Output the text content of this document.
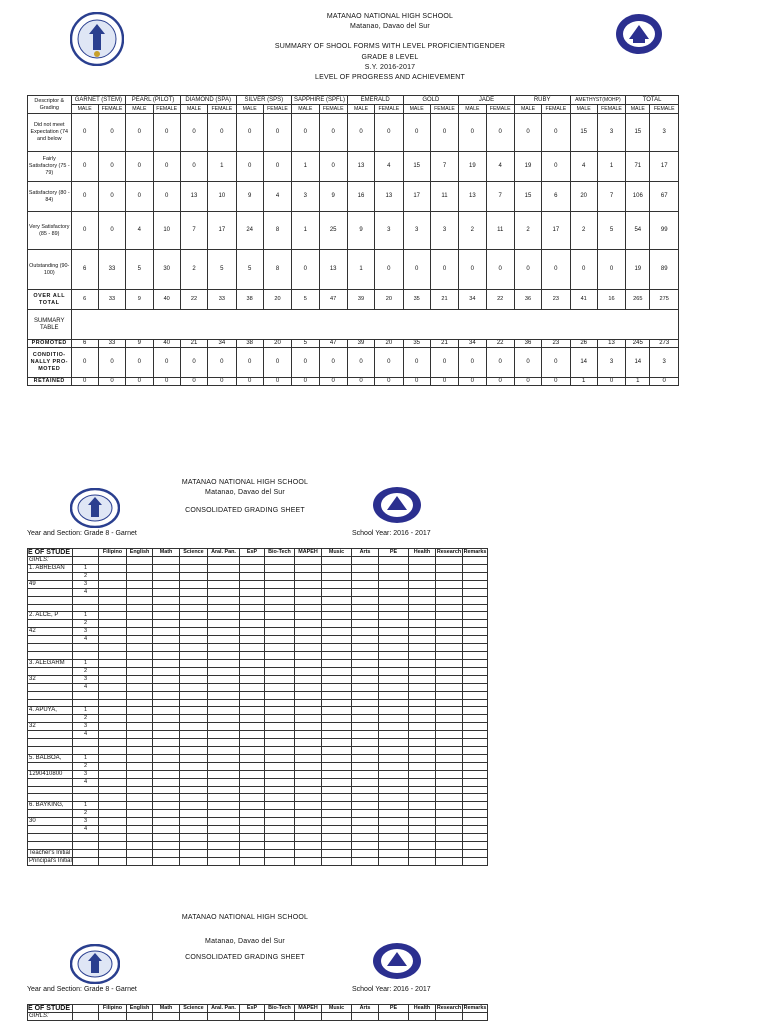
MATANAO NATIONAL HIGH SCHOOL
Matanao, Davao del Sur
SUMMARY OF SHOOL FORMS WITH LEVEL PROFICIENTIGENDER
GRADE 8 LEVEL
S.Y. 2016-2017
LEVEL OF PROGRESS AND ACHIEVEMENT
Descriptor & Grading	GARNET (STEM)		PEARL (PILOT)		DIAMOND (SPA)		SILVER (SPS)		SAPPHIRE (SPFL)		EMERALD		GOLD		JADE		RUBY		AMETHYST(MOHP)		TOTAL	
	MALE	FEMALE	MALE	FEMALE	MALE	FEMALE	MALE	FEMALE	MALE	FEMALE	MALE	FEMALE	MALE	FEMALE	MALE	FEMALE	MALE	FEMALE	MALE	FEMALE	MALE	FEMALE
Did not meet Expectation (74 and below	0	0	0	0	0	0	0	0	0	0	0	0	0	0	0	0	0	0	15	3	15	3
Fairly Satisfactory (75 - 79)	0	0	0	0	0	1	0	0	1	0	13	4	15	7	19	4	19	0	4	1	71	17
Satisfactory (80 - 84)	0	0	0	0	13	10	9	4	3	9	16	13	17	11	13	7	15	6	20	7	106	67
Very Satisfactory (85 - 89)	0	0	4	10	7	17	24	8	1	25	9	3	3	3	2	11	2	17	2	5	54	99
Outstanding (90-100)	6	33	5	30	2	5	5	8	0	13	1	0	0	0	0	0	0	0	0	0	19	89
OVER ALL TOTAL	6	33	9	40	22	33	38	20	5	47	39	20	35	21	34	22	36	23	41	16	265	275
SUMMARY TABLE																						
PROMOTED	6	33	9	40	21	34	38	20	5	47	39	20	35	21	34	22	36	23	26	13	245	273
CONDITIO- NALLY PRO- MOTED	0	0	0	0	0	0	0	0	0	0	0	0	0	0	0	0	0	0	14	3	14	3
RETAINED	0	0	0	0	0	0	0	0	0	0	0	0	0	0	0	0	0	0	1	0	1	0
MATANAO NATIONAL HIGH SCHOOL
Matanao, Davao del Sur
CONSOLIDATED GRADING SHEET
Year and Section: Grade 8 - Garnet	School Year: 2016 - 2017
E OF STUDE		Filipino	English	Math	Science	Aral. Pan.	EsP	Bio-Tech	MAPEH	Music	Arts	PE	Health	Research	Remarks
GIRLS:															
1. ABREGAN	1														
	2														
49	3														
	4														

2. ALCE, P	1														
	2														
42	3														
	4														

3. ALEGARM	1														
	2														
32	3														
	4														

4. APUYA,	1														
	2														
32	3														
	4														

5. BALBOA,	1														
	2														
1290410800	3														
	4														

6. BAYKING,	1														
	2														
30	3														
	4														

Teacher's Initial															
Principal's Initial															
MATANAO NATIONAL HIGH SCHOOL
Matanao, Davao del Sur
CONSOLIDATED GRADING SHEET
Year and Section: Grade 8 - Garnet	School Year: 2016 - 2017
E OF STUDE		Filipino	English	Math	Science	Aral. Pan.	EsP	Bio-Tech	MAPEH	Music	Arts	PE	Health	Research	Remarks
GIRLS:															
